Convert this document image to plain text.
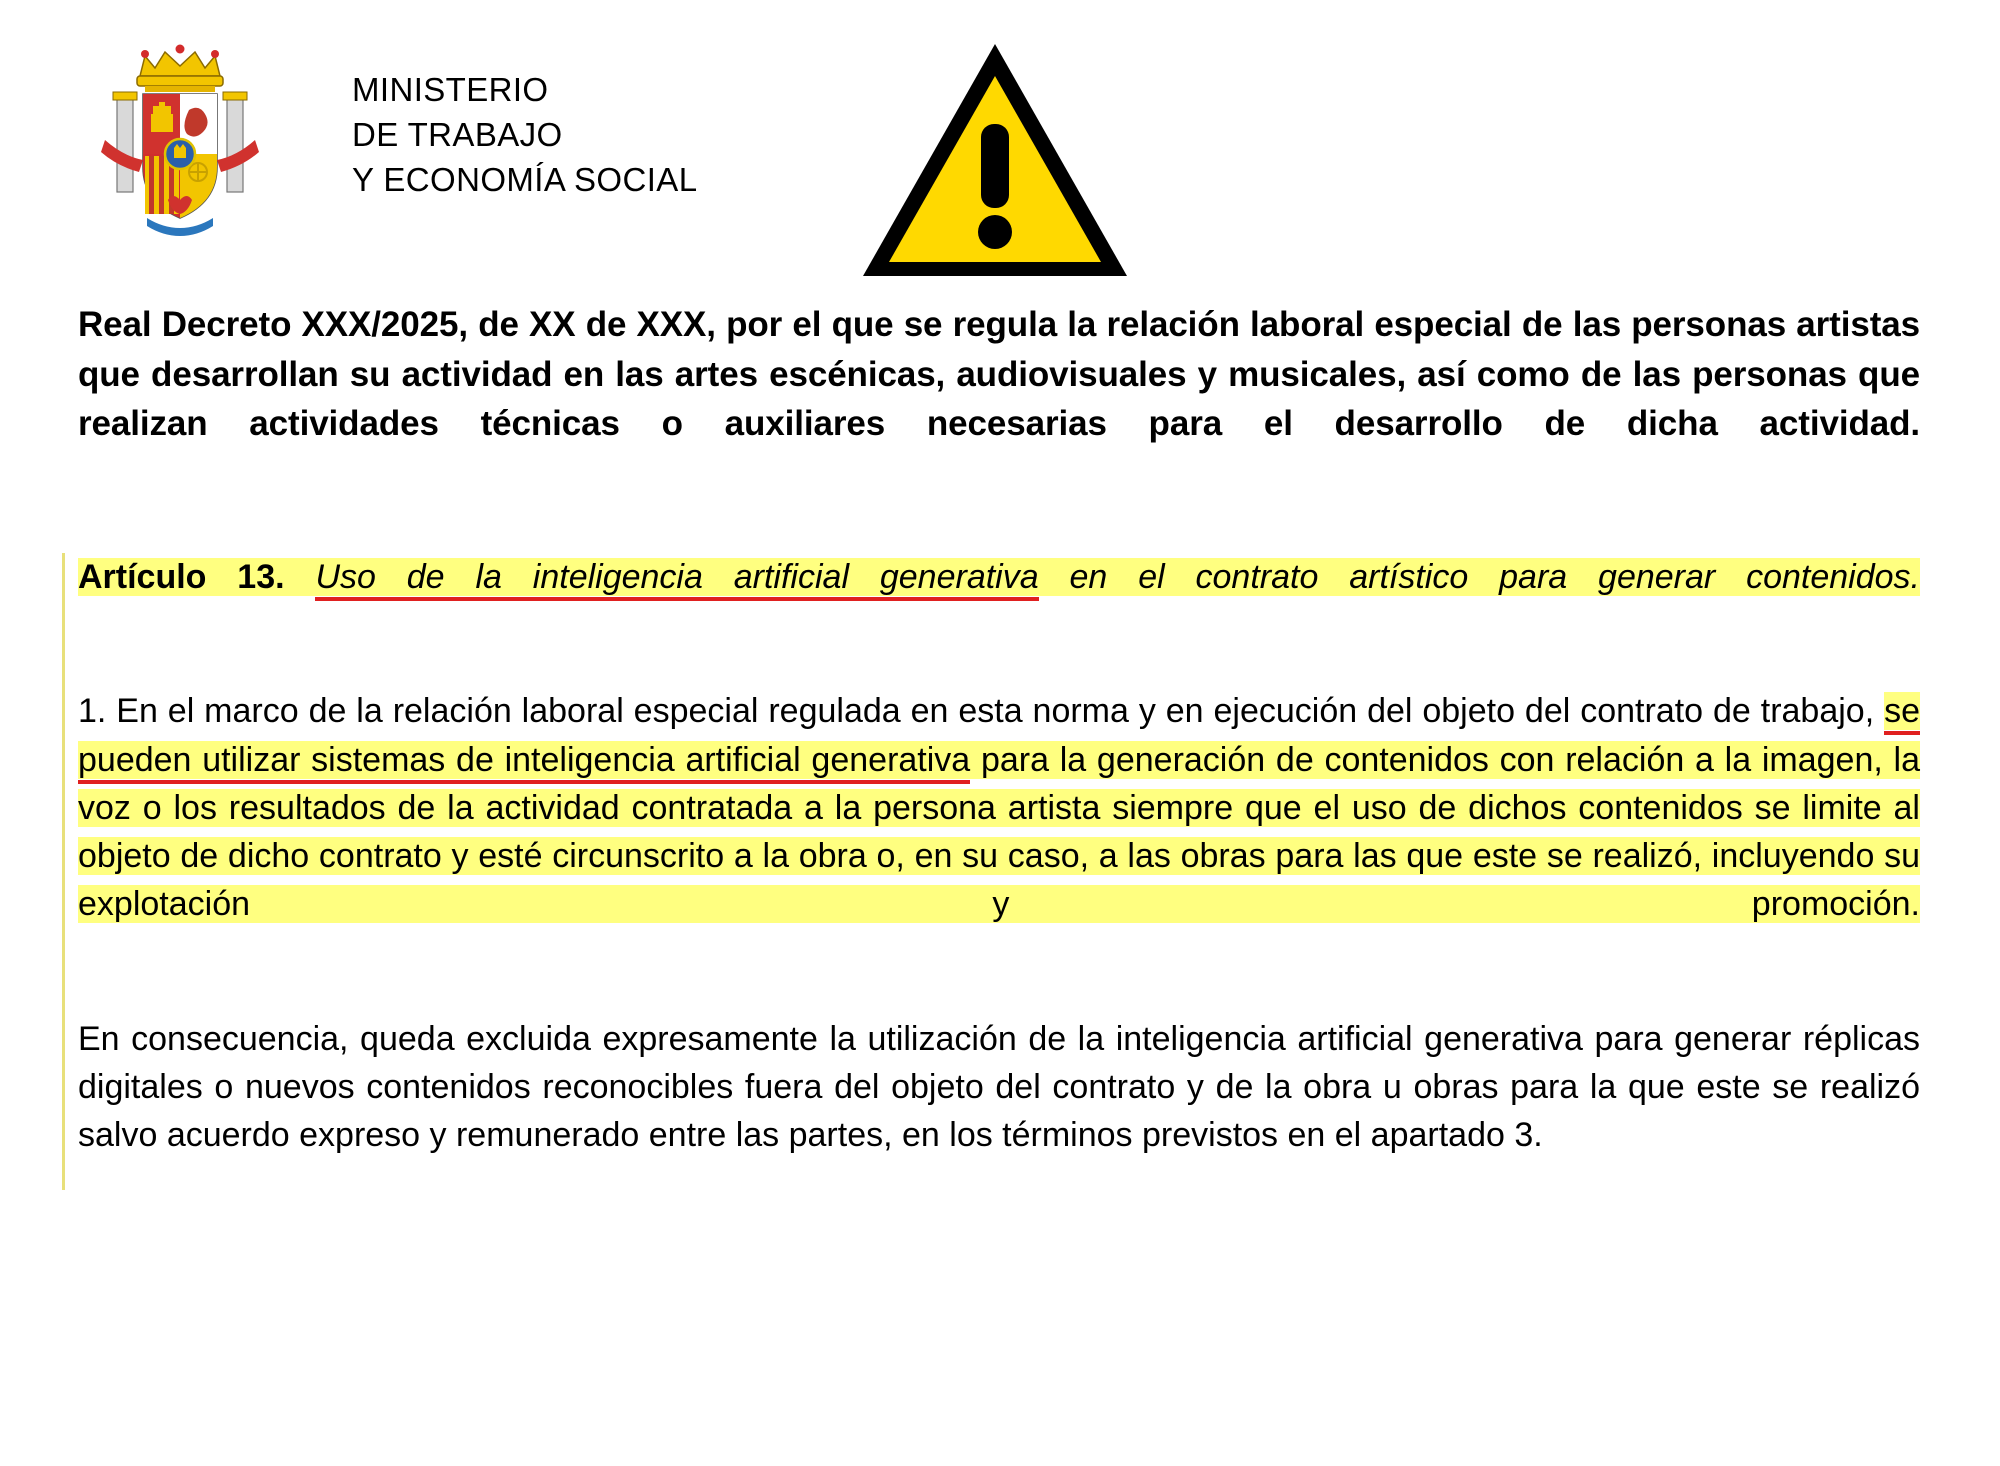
MINISTERIO
DE TRABAJO
Y ECONOMÍA SOCIAL
Real Decreto XXX/2025, de XX de XXX, por el que se regula la relación laboral especial de las personas artistas que desarrollan su actividad en las artes escénicas, audiovisuales y musicales, así como de las personas que realizan actividades técnicas o auxiliares necesarias para el desarrollo de dicha actividad.

Artículo 13. Uso de la inteligencia artificial generativa en el contrato artístico para generar contenidos.

1. En el marco de la relación laboral especial regulada en esta norma y en ejecución del objeto del contrato de trabajo, se pueden utilizar sistemas de inteligencia artificial generativa para la generación de contenidos con relación a la imagen, la voz o los resultados de la actividad contratada a la persona artista siempre que el uso de dichos contenidos se limite al objeto de dicho contrato y esté circunscrito a la obra o, en su caso, a las obras para las que este se realizó, incluyendo su explotación y promoción.

En consecuencia, queda excluida expresamente la utilización de la inteligencia artificial generativa para generar réplicas digitales o nuevos contenidos reconocibles fuera del objeto del contrato y de la obra u obras para la que este se realizó salvo acuerdo expreso y remunerado entre las partes, en los términos previstos en el apartado 3.
